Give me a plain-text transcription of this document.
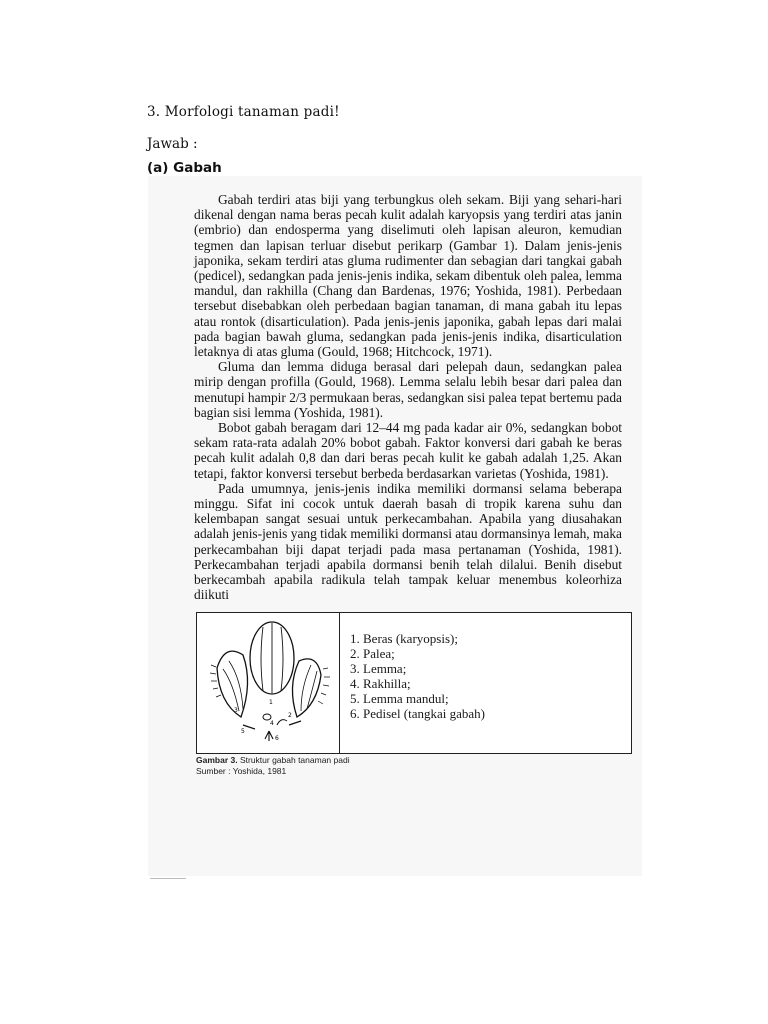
3. Morfologi tanaman padi!
Jawab :
(a) Gabah

Gabah terdiri atas biji yang terbungkus oleh sekam. Biji yang sehari-hari dikenal dengan nama beras pecah kulit adalah karyopsis yang terdiri atas janin (embrio) dan endosperma yang diselimuti oleh lapisan aleuron, kemudian tegmen dan lapisan terluar disebut perikarp (Gambar 1). Dalam jenis-jenis japonika, sekam terdiri atas gluma rudimenter dan sebagian dari tangkai gabah (pedicel), sedangkan pada jenis-jenis indika, sekam dibentuk oleh palea, lemma mandul, dan rakhilla (Chang dan Bardenas, 1976; Yoshida, 1981). Perbedaan tersebut disebabkan oleh perbedaan bagian tanaman, di mana gabah itu lepas atau rontok (disarticulation). Pada jenis-jenis japonika, gabah lepas dari malai pada bagian bawah gluma, sedangkan pada jenis-jenis indika, disarticulation letaknya di atas gluma (Gould, 1968; Hitchcock, 1971).

Gluma dan lemma diduga berasal dari pelepah daun, sedangkan palea mirip dengan profilla (Gould, 1968). Lemma selalu lebih besar dari palea dan menutupi hampir 2/3 permukaan beras, sedangkan sisi palea tepat bertemu pada bagian sisi lemma (Yoshida, 1981).

Bobot gabah beragam dari 12–44 mg pada kadar air 0%, sedangkan bobot sekam rata-rata adalah 20% bobot gabah. Faktor konversi dari gabah ke beras pecah kulit adalah 0,8 dan dari beras pecah kulit ke gabah adalah 1,25. Akan tetapi, faktor konversi tersebut berbeda berdasarkan varietas (Yoshida, 1981).

Pada umumnya, jenis-jenis indika memiliki dormansi selama beberapa minggu. Sifat ini cocok untuk daerah basah di tropik karena suhu dan kelembapan sangat sesuai untuk perkecambahan. Apabila yang diusahakan adalah jenis-jenis yang tidak memiliki dormansi atau dormansinya lemah, maka perkecambahan biji dapat terjadi pada masa pertanaman (Yoshida, 1981). Perkecambahan terjadi apabila dormansi benih telah dilalui. Benih disebut berkecambah apabila radikula telah tampak keluar menembus koleorhiza diikuti

1
2
3
4
5
6
1. Beras (karyopsis);
2. Palea;
3. Lemma;
4. Rakhilla;
5. Lemma mandul;
6. Pedisel (tangkai gabah)
Gambar 3. Struktur gabah tanaman padi
Sumber : Yoshida, 1981
